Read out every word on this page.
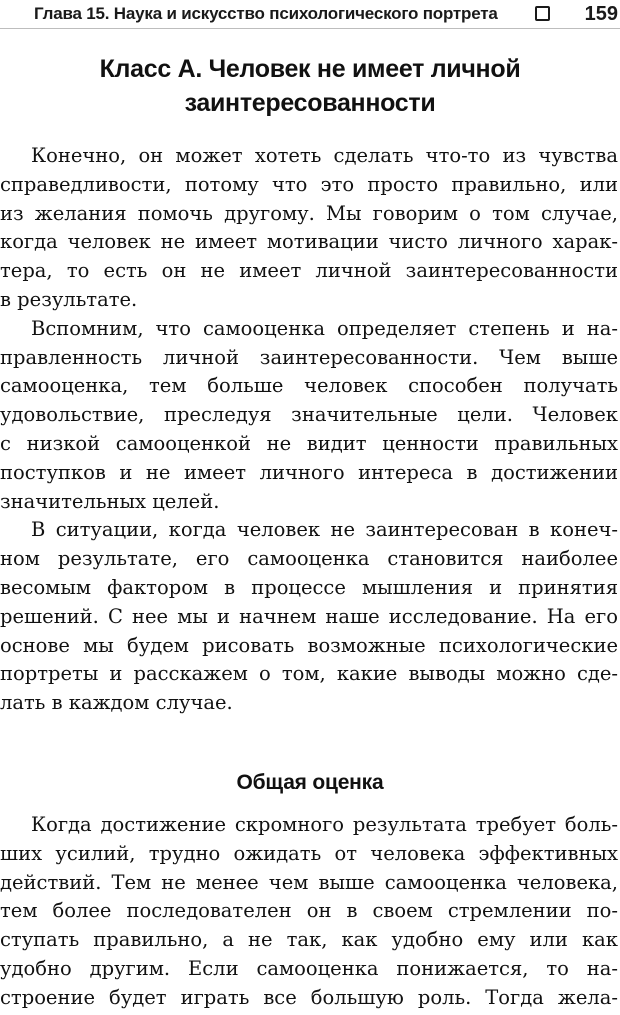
Глава 15. Наука и искусство психологического портрета	159
Класс А. Человек не имеет личной
заинтересованности

Конечно, он может хотеть сделать что-то из чувства
справедливости, потому что это просто правильно, или
из желания помочь другому. Мы говорим о том случае,
когда человек не имеет мотивации чисто личного харак-
тера, то есть он не имеет личной заинтересованности
в результате.

Вспомним, что самооценка определяет степень и на-
правленность личной заинтересованности. Чем выше
самооценка, тем больше человек способен получать
удовольствие, преследуя значительные цели. Человек
с низкой самооценкой не видит ценности правильных
поступков и не имеет личного интереса в достижении
значительных целей.

В ситуации, когда человек не заинтересован в конеч-
ном результате, его самооценка становится наиболее
весомым фактором в процессе мышления и принятия
решений. С нее мы и начнем наше исследование. На его
основе мы будем рисовать возможные психологические
портреты и расскажем о том, какие выводы можно сде-
лать в каждом случае.

Общая оценка

Когда достижение скромного результата требует боль-
ших усилий, трудно ожидать от человека эффективных
действий. Тем не менее чем выше самооценка человека,
тем более последователен он в своем стремлении по-
ступать правильно, а не так, как удобно ему или как
удобно другим. Если самооценка понижается, то на-
строение будет играть все большую роль. Тогда жела-
